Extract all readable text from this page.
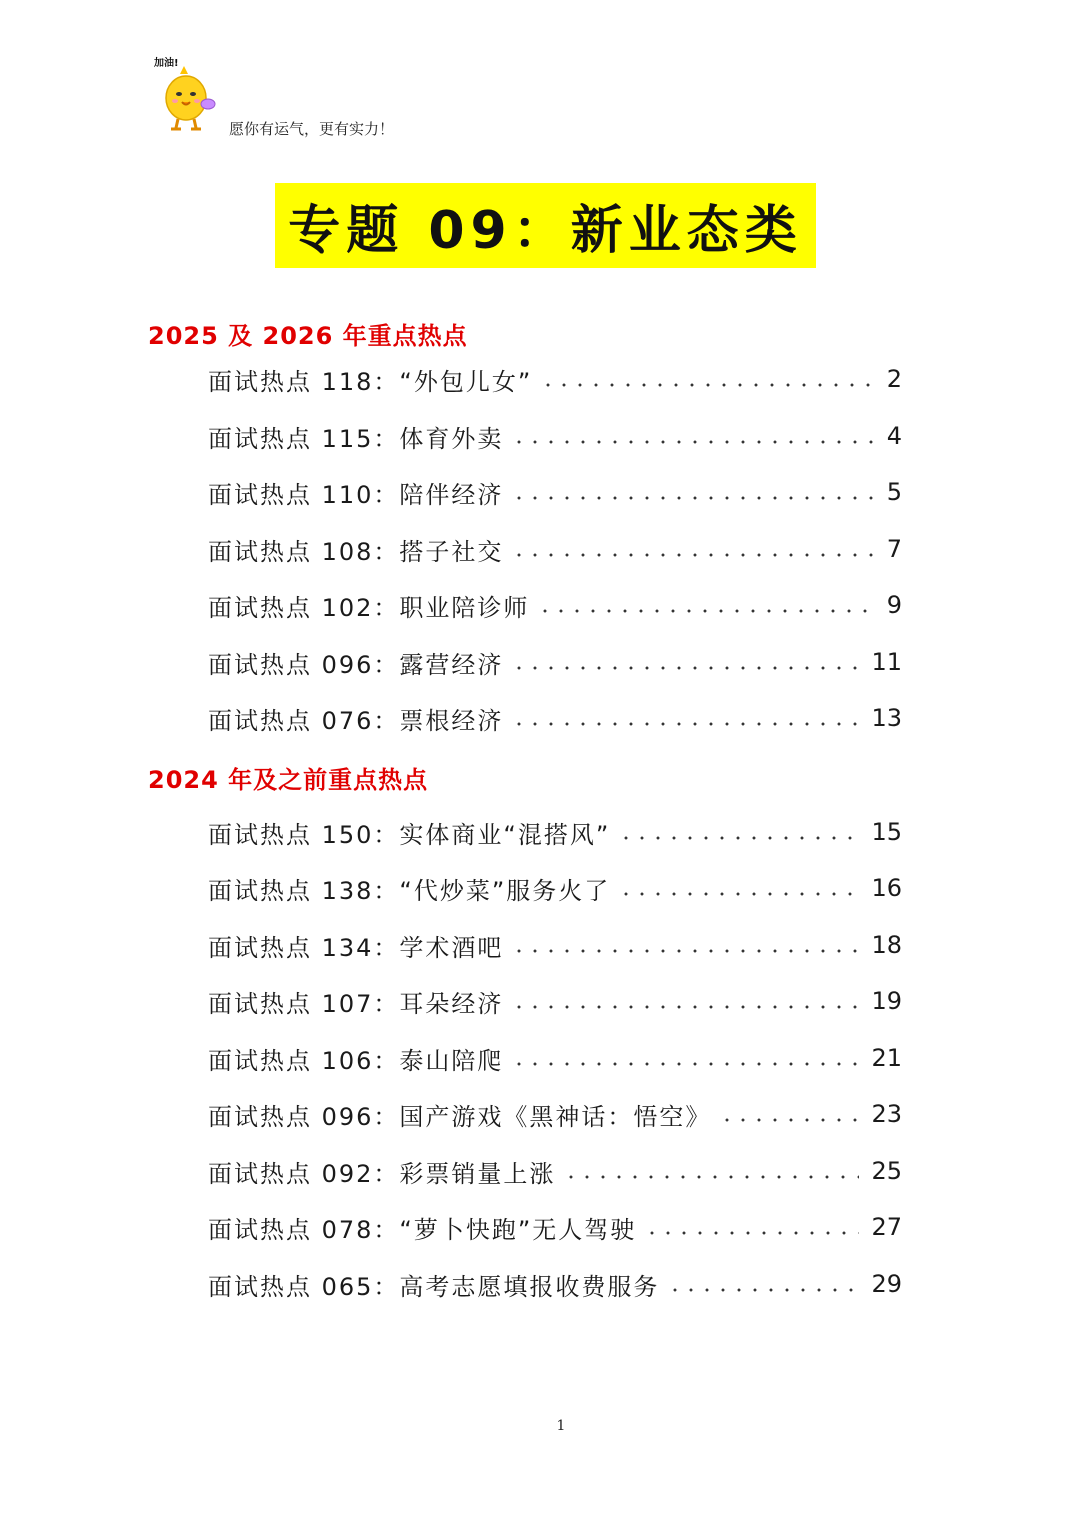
加油!
愿你有运气，更有实力！
专题 09：新业态类
2025 及 2026 年重点热点
面试热点 118：“外包儿女”	2
面试热点 115：体育外卖	4
面试热点 110：陪伴经济	5
面试热点 108：搭子社交	7
面试热点 102：职业陪诊师	9
面试热点 096：露营经济	11
面试热点 076：票根经济	13
2024 年及之前重点热点
面试热点 150：实体商业“混搭风”	15
面试热点 138：“代炒菜”服务火了	16
面试热点 134：学术酒吧	18
面试热点 107：耳朵经济	19
面试热点 106：泰山陪爬	21
面试热点 096：国产游戏《黑神话：悟空》	23
面试热点 092：彩票销量上涨	25
面试热点 078：“萝卜快跑”无人驾驶	27
面试热点 065：高考志愿填报收费服务	29
1
